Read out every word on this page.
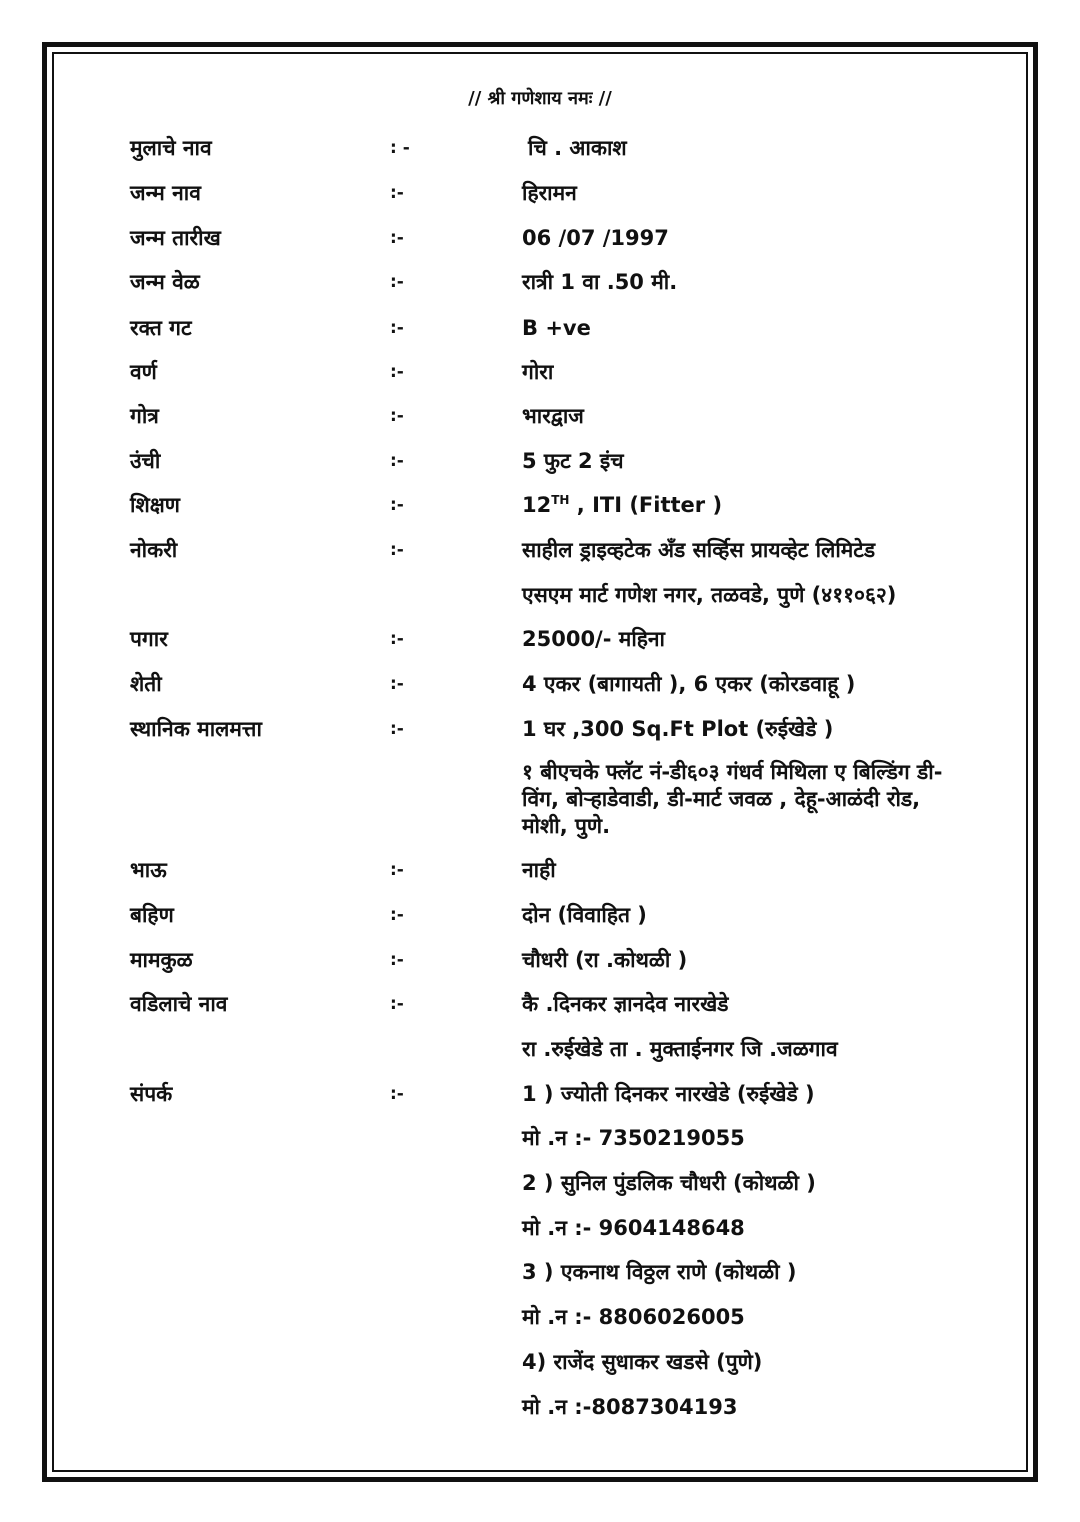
// श्री गणेशाय नमः //
मुलाचे नाव	: -	चि . आकाश
जन्म नाव	:-	हिरामन
जन्म तारीख	:-	06 /07 /1997
जन्म वेळ	:-	रात्री 1 वा .50 मी.
रक्त गट	:-	B +ve
वर्ण	:-	गोरा
गोत्र	:-	भारद्वाज
उंची	:-	5 फुट 2 इंच
शिक्षण	:-	12TH , ITI (Fitter )
नोकरी	:-	साहील ड्राइव्हटेक अँड सर्व्हिस प्रायव्हेट लिमिटेड
एसएम मार्ट गणेश नगर, तळवडे, पुणे (४११०६२)
पगार	:-	25000/- महिना
शेती	:-	4 एकर (बागायती ), 6 एकर (कोरडवाहू )
स्थानिक मालमत्ता	:-	1 घर ,300 Sq.Ft Plot (रुईखेडे )
१ बीएचके फ्लॅट नं-डी६०३ गंधर्व मिथिला ए बिल्डिंग डी-विंग, बोऱ्हाडेवाडी, डी-मार्ट जवळ , देहू-आळंदी रोड, मोशी, पुणे.
भाऊ	:-	नाही
बहिण	:-	दोन (विवाहित )
मामकुळ	:-	चौधरी (रा .कोथळी )
वडिलाचे नाव	:-	कै .दिनकर ज्ञानदेव नारखेडे
रा .रुईखेडे ता . मुक्ताईनगर जि .जळगाव
संपर्क	:-	1 ) ज्योती दिनकर नारखेडे (रुईखेडे )
मो .न :- 7350219055
2 ) सुनिल पुंडलिक चौधरी (कोथळी )
मो .न :- 9604148648
3 ) एकनाथ विठ्ठल राणे (कोथळी )
मो .न :- 8806026005
4) राजेंद सुधाकर खडसे (पुणे)
मो .न :-8087304193
